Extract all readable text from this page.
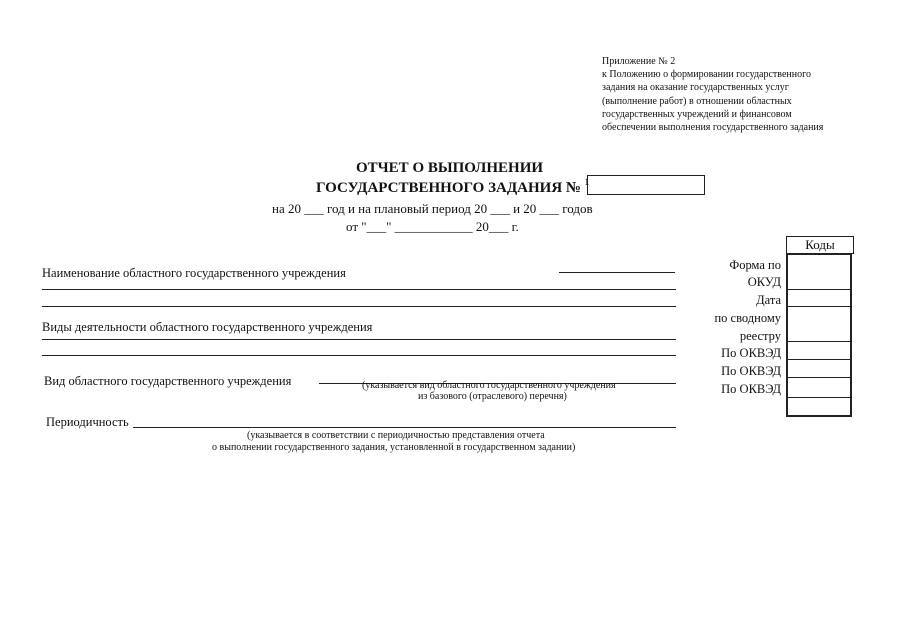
Приложение № 2
к Положению о формировании государственного
задания на оказание государственных услуг
(выполнение работ) в отношении областных
государственных учреждений и финансовом
обеспечении выполнения государственного задания
ОТЧЕТ О ВЫПОЛНЕНИИ
ГОСУДАРСТВЕННОГО ЗАДАНИЯ № $^1$
на 20 ___ год и на плановый период 20 ___ и 20 ___ годов
от "___" ____________ 20___ г.
Коды
Форма по
ОКУД
Дата
по сводному
реестру
По ОКВЭД
По ОКВЭД
По ОКВЭД
Наименование областного государственного учреждения
Виды деятельности областного государственного учреждения
Вид областного государственного учреждения	(указывается вид областного государственного учреждения
из базового (отраслевого) перечня)
Периодичность
(указывается в соответствии с периодичностью представления отчета
о выполнении государственного задания, установленной в государственном задании)
